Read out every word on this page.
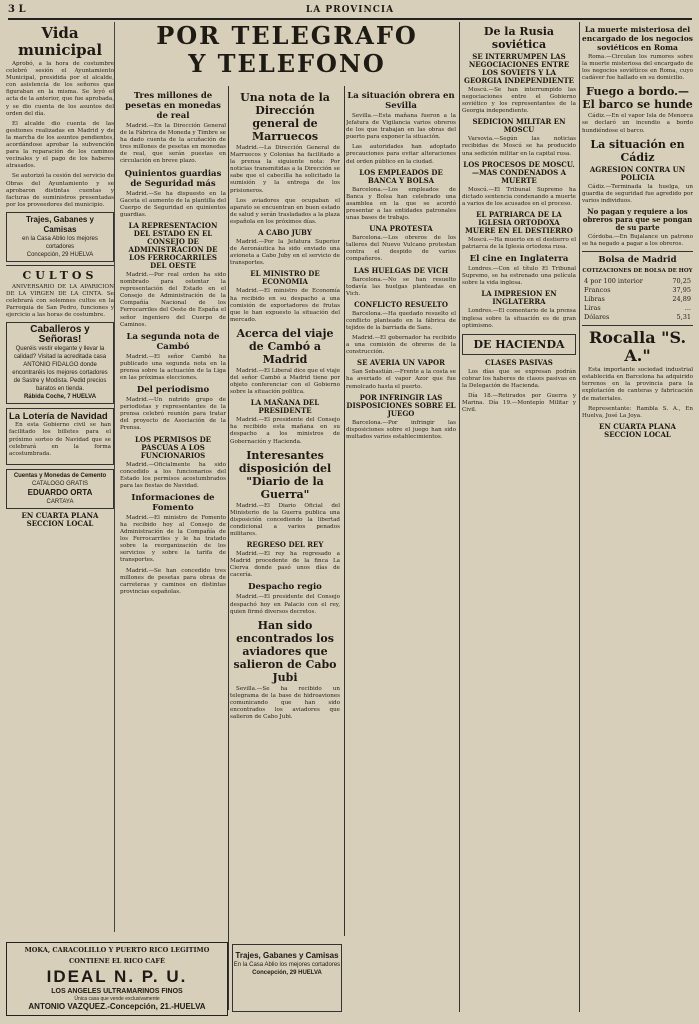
3 L	LA PROVINCIA
Vida municipal

Aprobó, a la hora de costumbre celebró sesión el Ayuntamiento Municipal, presidida por el alcalde, con asistencia de los señores que figuraban en la misma. Se leyó el acta de la anterior, que fue aprobada, y se dio cuenta de los asuntos del orden del día.

El alcalde dio cuenta de las gestiones realizadas en Madrid y de la marcha de los asuntos pendientes, acordándose aprobar la subvención para la reparación de los caminos vecinales y el pago de los haberes atrasados.

Se autorizó la cesión del servicio de Obras del Ayuntamiento y se aprobaron distintas cuentas y facturas de suministros presentadas por los proveedores del municipio.

Trajes, Gabanes y Camisas
en la Casa Ablio los mejores cortadores
Concepción, 29 HUELVA
CULTOS

ANIVERSARIO DE LA APARICION DE LA VIRGEN DE LA CINTA. Se celebrará con solemnes cultos en la Parroquia de San Pedro, funciones y ejercicio a las horas de costumbre.

Caballeros y Señoras!
Queréis vestir elegante y llevar la calidad? Visitad la acreditada casa ANTONIO FIDALGO donde encontraréis los mejores cortadores de Sastre y Modista. Pedid precios baratos en tienda.
Rábida Coche, 7 HUELVA
La Lotería de Navidad

En esta Gobierno civil se han facilitado los billetes para el próximo sorteo de Navidad que se celebrará en la forma acostumbrada.

Cuentas y Monedas de Cemento
CATALOGO GRATIS
EDUARDO ORTA
CARTAYA
EN CUARTA PLANA SECCION LOCAL
POR TELEGRAFO
Y TELEFONO
Tres millones de pesetas en monedas de real

Madrid.—En la Dirección General de la Fábrica de Moneda y Timbre se ha dado cuenta de la acuñación de tres millones de pesetas en monedas de real, que serán puestas en circulación en breve plazo.

Quinientos guardias de Seguridad más

Madrid.—Se ha dispuesto en la Gaceta el aumento de la plantilla del Cuerpo de Seguridad en quinientos guardias.

LA REPRESENTACION DEL ESTADO EN EL CONSEJO DE ADMINISTRACION DE LOS FERROCARRILES DEL OESTE

Madrid.—Por real orden ha sido nombrado para ostentar la representación del Estado en el Consejo de Administración de la Compañía Nacional de los Ferrocarriles del Oeste de España el señor ingeniero del Cuerpo de Caminos.

La segunda nota de Cambó

Madrid.—El señor Cambó ha publicado una segunda nota en la prensa sobre la actuación de la Liga en las próximas elecciones.

Del periodismo

Madrid.—Un nutrido grupo de periodistas y representantes de la prensa celebró reunión para tratar del proyecto de Asociación de la Prensa.

LOS PERMISOS DE PASCUAS A LOS FUNCIONARIOS

Madrid.—Oficialmente ha sido concedido a los funcionarios del Estado los permisos acostumbrados para las fiestas de Navidad.

Informaciones de Fomento

Madrid.—El ministro de Fomento ha recibido hoy al Consejo de Administración de la Compañía de los Ferrocarriles y le ha tratado sobre la reorganización de los servicios y sobre la tarifa de transportes.

Madrid.—Se han concedido tres millones de pesetas para obras de carreteras y caminos en distintas provincias españolas.

Una nota de la Dirección general de Marruecos

Madrid.—La Dirección General de Marruecos y Colonias ha facilitado a la prensa la siguiente nota: Por noticias transmitidas a la Dirección se sabe que el cabecilla ha solicitado la sumisión y la entrega de los prisioneros.

Los aviadores que ocupaban el aparato se encuentran en buen estado de salud y serán trasladados a la plaza española en los próximos días.

A CABO JUBY

Madrid.—Por la Jefatura Superior de Aeronáutica ha sido enviado una avioneta a Cabo Juby en el servicio de transportes.

EL MINISTRO DE ECONOMIA

Madrid.—El ministro de Economía ha recibido en su despacho a una comisión de exportadores de frutas que le han expuesto la situación del mercado.

Acerca del viaje de Cambó a Madrid

Madrid.—El Liberal dice que el viaje del señor Cambó a Madrid tiene por objeto conferenciar con el Gobierno sobre la situación política.

LA MAÑANA DEL PRESIDENTE

Madrid.—El presidente del Consejo ha recibido esta mañana en su despacho a los ministros de Gobernación y Hacienda.

Interesantes disposición del "Diario de la Guerra"

Madrid.—El Diario Oficial del Ministerio de la Guerra publica una disposición concediendo la libertad condicional a varios penados militares.

REGRESO DEL REY

Madrid.—El rey ha regresado a Madrid procedente de la finca La Cierva donde pasó unos días de cacería.

Despacho regio

Madrid.—El presidente del Consejo despachó hoy en Palacio con el rey, quien firmó diversos decretos.

Han sido encontrados los aviadores que salieron de Cabo Jubi

Sevilla.—Se ha recibido un telegrama de la base de hidroaviones comunicando que han sido encontrados los aviadores que salieron de Cabo Jubi.

La situación obrera en Sevilla

Sevilla.—Esta mañana fueron a la Jefatura de Vigilancia varios obreros de los que trabajan en las obras del puerto para exponer la situación.

Las autoridades han adoptado precauciones para evitar alteraciones del orden público en la ciudad.

LOS EMPLEADOS DE BANCA Y BOLSA

Barcelona.—Los empleados de Banca y Bolsa han celebrado una asamblea en la que se acordó presentar a las entidades patronales unas bases de trabajo.

UNA PROTESTA

Barcelona.—Los obreros de los talleres del Nuevo Vulcano protestan contra el despido de varios compañeros.

LAS HUELGAS DE VICH

Barcelona.—No se han resuelto todavía las huelgas planteadas en Vich.

CONFLICTO RESUELTO

Barcelona.—Ha quedado resuelto el conflicto planteado en la fábrica de tejidos de la barriada de Sans.

Madrid.—El gobernador ha recibido a una comisión de obreros de la construcción.

SE AVERIA UN VAPOR

San Sebastián.—Frente a la costa se ha averiado el vapor Azor que fue remolcado hasta el puerto.

POR INFRINGIR LAS DISPOSICIONES SOBRE EL JUEGO

Barcelona.—Por infringir las disposiciones sobre el juego han sido multados varios establecimientos.

De la Rusia soviética
SE INTERRUMPEN LAS NEGOCIACIONES ENTRE LOS SOVIETS Y LA GEORGIA INDEPENDIENTE

Moscú.—Se han interrumpido las negociaciones entre el Gobierno soviético y los representantes de la Georgia independiente.

SEDICION MILITAR EN MOSCU

Varsovia.—Según las noticias recibidas de Moscú se ha producido una sedición militar en la capital rusa.

LOS PROCESOS DE MOSCU.—MAS CONDENADOS A MUERTE

Moscú.—El Tribunal Supremo ha dictado sentencia condenando a muerte a varios de los acusados en el proceso.

EL PATRIARCA DE LA IGLESIA ORTODOXA MUERE EN EL DESTIERRO

Moscú.—Ha muerto en el destierro el patriarca de la Iglesia ortodoxa rusa.

El cine en Inglaterra

Londres.—Con el título El Tribunal Supremo, se ha estrenado una película sobre la vida inglesa.

LA IMPRESION EN INGLATERRA

Londres.—El comentario de la prensa inglesa sobre la situación es de gran optimismo.

DE HACIENDA
CLASES PASIVAS

Los días que se expresan podrán cobrar los haberes de clases pasivas en la Delegación de Hacienda.

Día 18.—Retirados por Guerra y Marina. Día 19.—Montepío Militar y Civil.

La muerte misteriosa del encargado de los negocios soviéticos en Roma

Roma.—Circulan los rumores sobre la muerte misteriosa del encargado de los negocios soviéticos en Roma, cuyo cadáver fue hallado en su domicilio.

Fuego a bordo.—El barco se hunde

Cádiz.—En el vapor Isla de Menorca se declaró un incendio a bordo hundiéndose el barco.

La situación en Cádiz
AGRESION CONTRA UN POLICIA

Cádiz.—Terminada la huelga, un guardia de seguridad fue agredido por varios individuos.

No pagan y requiere a los obreros para que se pongan de su parte

Córdoba.—En Bujalance un patrono se ha negado a pagar a los obreros.

Bolsa de Madrid
COTIZACIONES DE BOLSA DE HOY
4 por 100 interior	70,25
Francos	37,95
Libras	24,89
Liras	...
Dólares	5,31
Rocalla "S. A."

Esta importante sociedad industrial establecida en Barcelona ha adquirido terrenos en la provincia para la explotación de canteras y fabricación de materiales.

Representante: Rambla S. A., En Huelva, José La Joya.

EN CUARTA PLANA SECCION LOCAL
MOKA, CARACOLILLO Y PUERTO RICO LEGITIMO
CONTIENE EL RICO CAFÉ
IDEAL N. P. U.
LOS ANGELES ULTRAMARINOS FINOS
Única casa que vende exclusivamente
ANTONIO VAZQUEZ.-Concepción, 21.-HUELVA
Trajes, Gabanes y Camisas
En la Casa Ablio los mejores cortadores
Concepción, 29 HUELVA
